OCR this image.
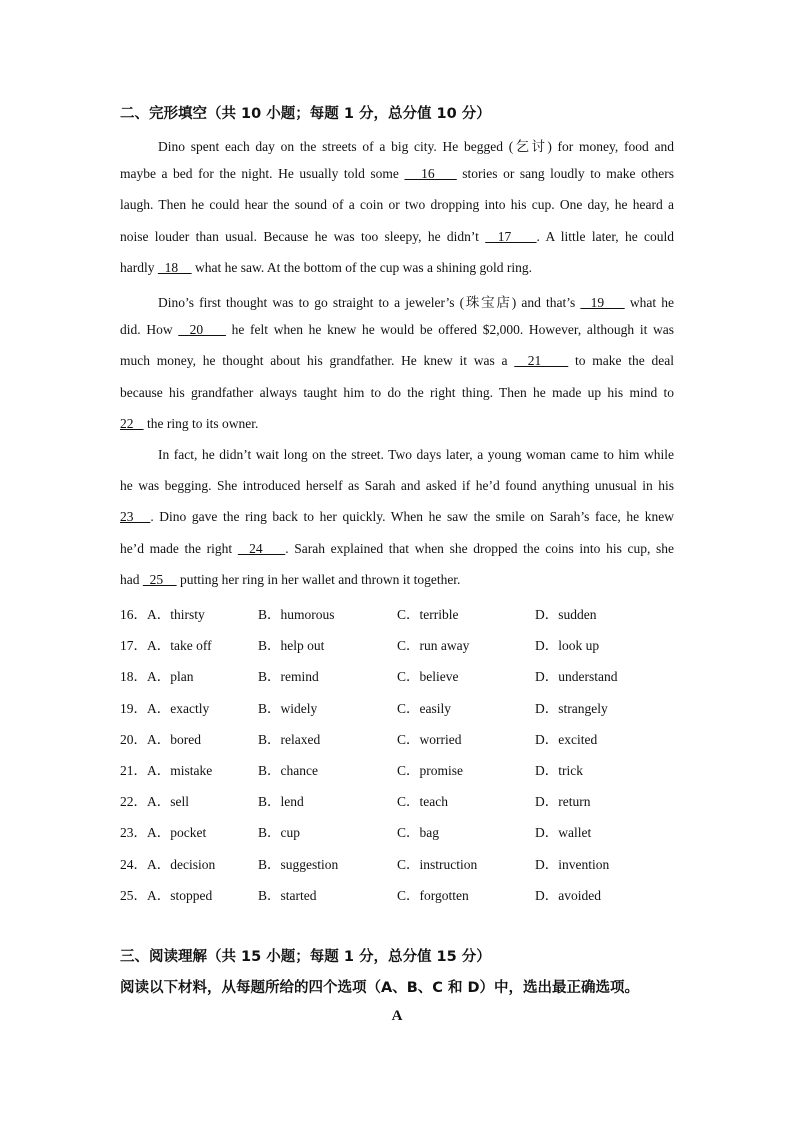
二、完形填空（共 10 小题；每题 1 分，总分值 10 分）
Dino spent each day on the streets of a big city. He begged (乞讨) for money, food and
maybe a bed for the night. He usually told some    16     stories or sang loudly to make others
laugh. Then he could hear the sound of a coin or two dropping into his cup. One day, he heard a
noise louder than usual. Because he was too sleepy, he didn’t   17    . A little later, he could
hardly   18     what he saw. At the bottom of the cup was a shining gold ring.
Dino’s first thought was to go straight to a jeweler’s (珠宝店) and that’s   19     what he
did. How   20     he felt when he knew he would be offered $2,000. However, although it was
much money, he thought about his grandfather. He knew it was a   21     to make the deal
because his grandfather always taught him to do the right thing. Then he made up his mind to
22    the ring to its owner.
In fact, he didn’t wait long on the street. Two days later, a young woman came to him while
he was begging. She introduced herself as Sarah and asked if he’d found anything unusual in his
23   . Dino gave the ring back to her quickly. When he saw the smile on Sarah’s face, he knew
he’d made the right   24    . Sarah explained that when she dropped the coins into his cup, she
had   25     putting her ring in her wallet and thrown it together.
16． A．thirsty	B．humorous	C．terrible	D．sudden
17． A．take off	B．help out	C．run away	D．look up
18． A．plan	B．remind	C．believe	D．understand
19． A．exactly	B．widely	C．easily	D．strangely
20． A．bored	B．relaxed	C．worried	D．excited
21． A．mistake	B．chance	C．promise	D．trick
22． A．sell	B．lend	C．teach	D．return
23． A．pocket	B．cup	C．bag	D．wallet
24． A．decision	B．suggestion	C．instruction	D．invention
25． A．stopped	B．started	C．forgotten	D．avoided
三、阅读理解（共 15 小题；每题 1 分，总分值 15 分）
阅读以下材料，从每题所给的四个选项（A、B、C 和 D）中，选出最正确选项。
A
